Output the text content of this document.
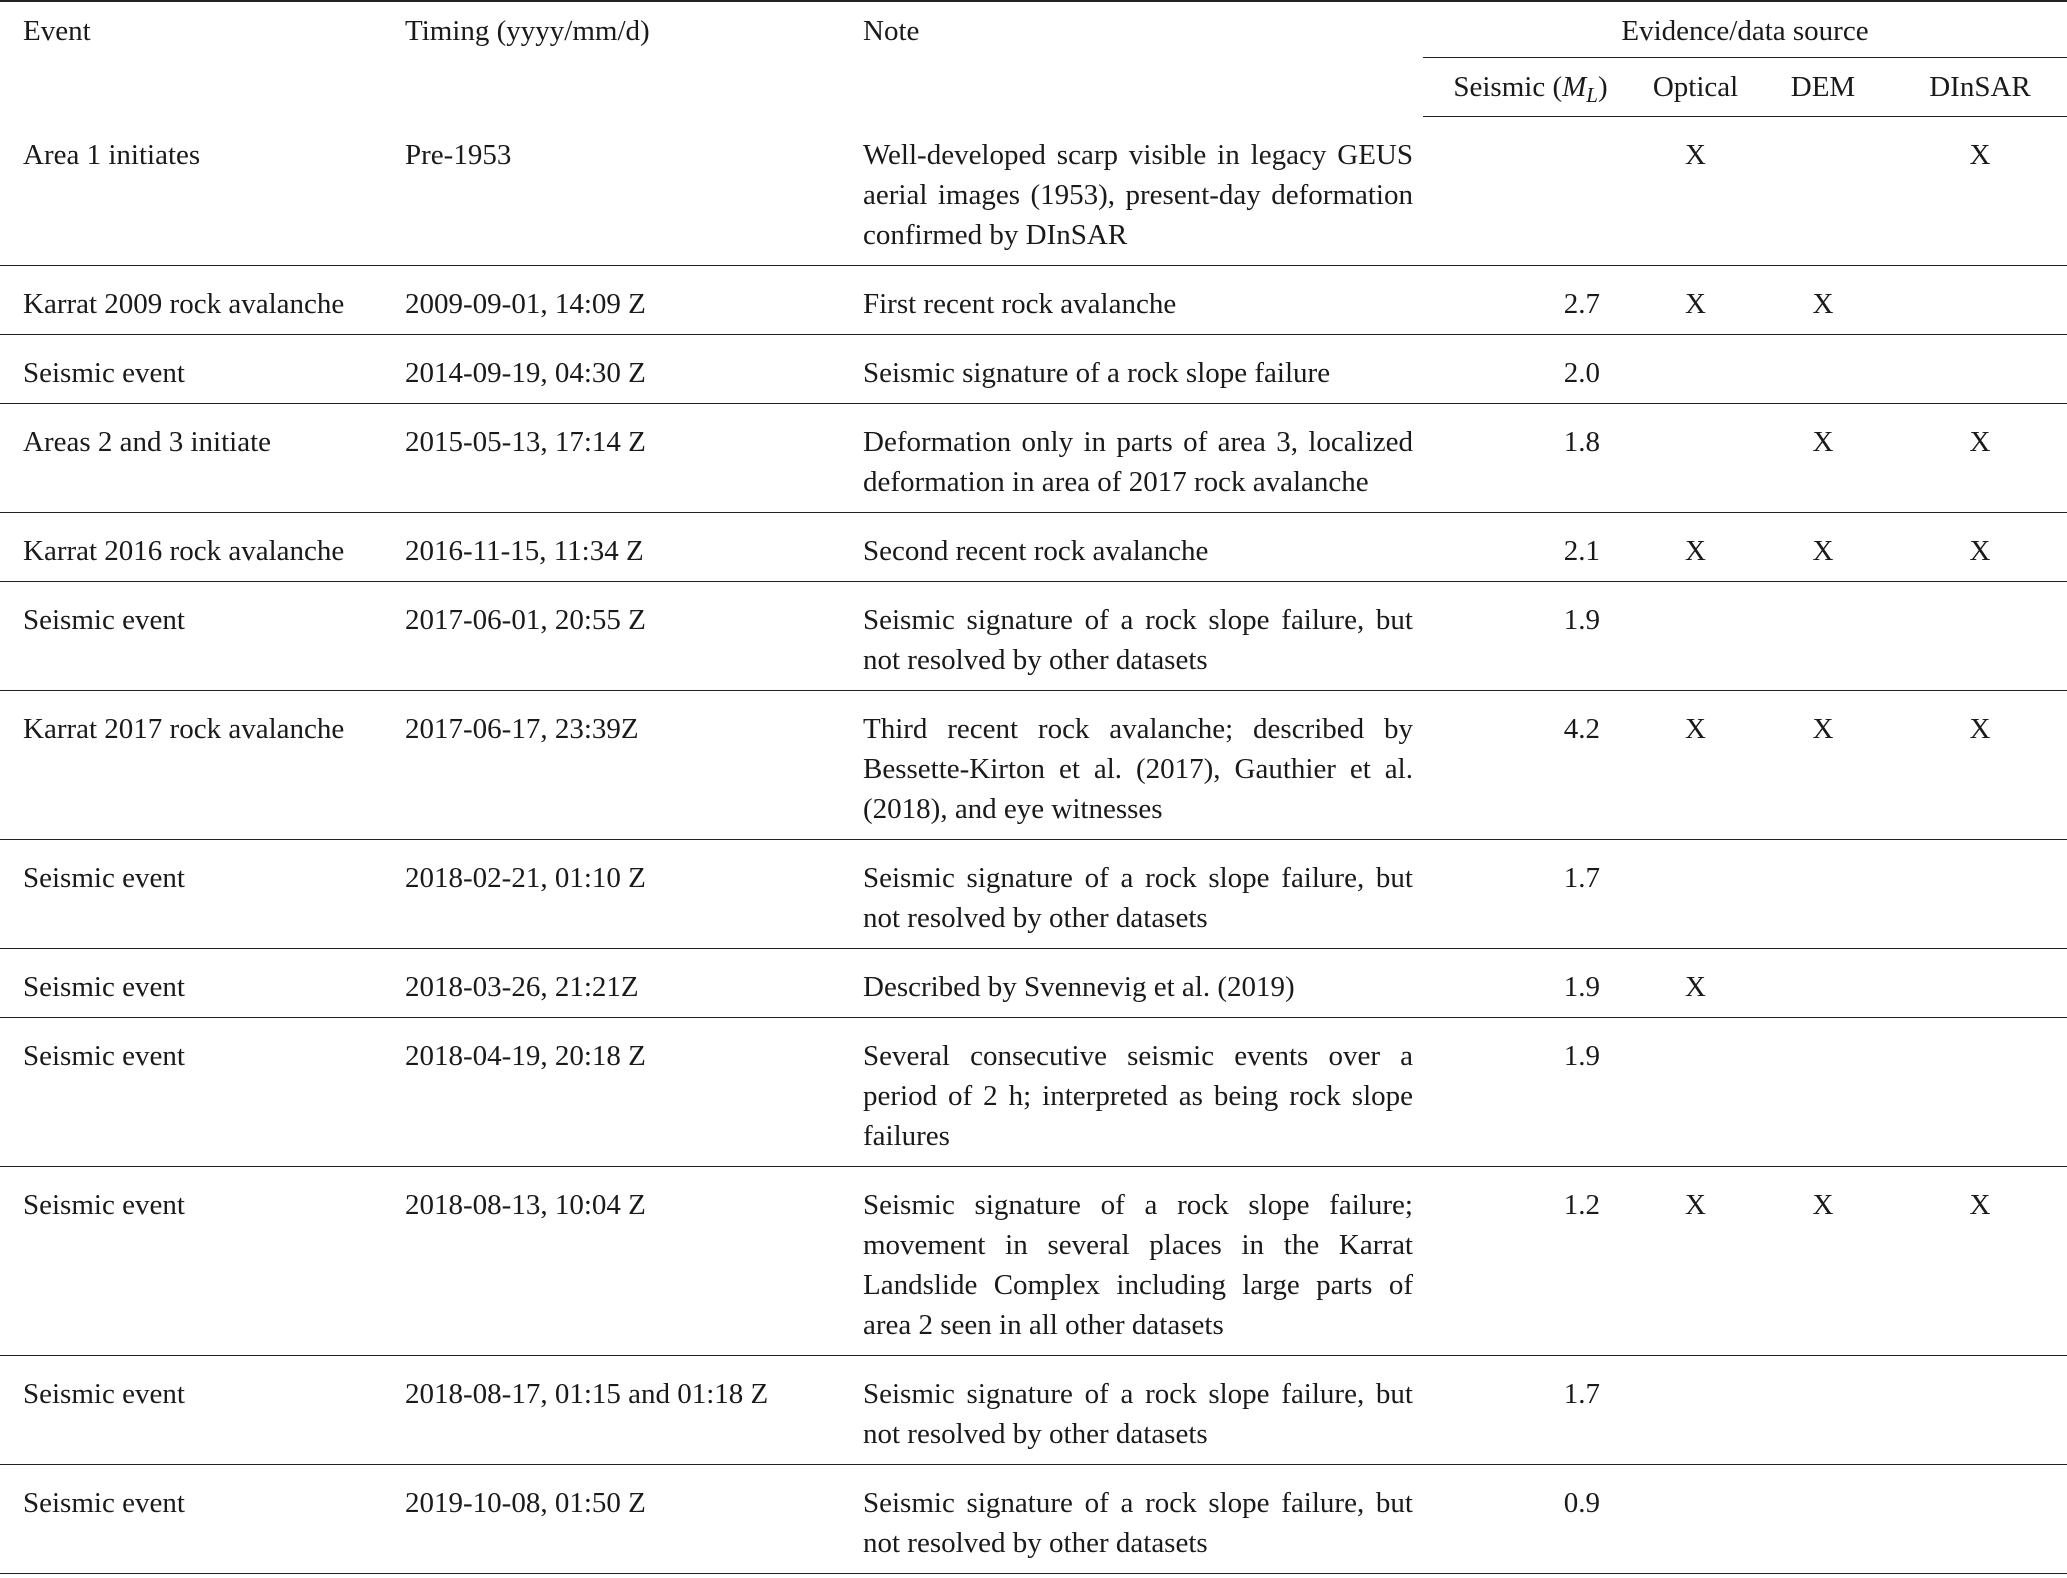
Event	Timing (yyyy/mm/d)	Note	Evidence/data source			
			Seismic $(M_L)$	Optical	DEM	DInSAR
Area 1 initiates	Pre-1953	Well-developed scarp visible in legacy GEUS aerial images (1953), present-day deformation confirmed by DInSAR		X		X
Karrat 2009 rock avalanche	2009-09-01, 14:09 Z	First recent rock avalanche	2.7	X	X	
Seismic event	2014-09-19, 04:30 Z	Seismic signature of a rock slope failure	2.0			
Areas 2 and 3 initiate	2015-05-13, 17:14 Z	Deformation only in parts of area 3, localized deformation in area of 2017 rock avalanche	1.8		X	X
Karrat 2016 rock avalanche	2016-11-15, 11:34 Z	Second recent rock avalanche	2.1	X	X	X
Seismic event	2017-06-01, 20:55 Z	Seismic signature of a rock slope failure, but not resolved by other datasets	1.9			
Karrat 2017 rock avalanche	2017-06-17, 23:39Z	Third recent rock avalanche; described by Bessette-Kirton et al. (2017), Gauthier et al. (2018), and eye witnesses	4.2	X	X	X
Seismic event	2018-02-21, 01:10 Z	Seismic signature of a rock slope failure, but not resolved by other datasets	1.7			
Seismic event	2018-03-26, 21:21Z	Described by Svennevig et al. (2019)	1.9	X		
Seismic event	2018-04-19, 20:18 Z	Several consecutive seismic events over a period of 2 h; interpreted as being rock slope failures	1.9			
Seismic event	2018-08-13, 10:04 Z	Seismic signature of a rock slope failure; movement in several places in the Karrat Landslide Complex including large parts of area 2 seen in all other datasets	1.2	X	X	X
Seismic event	2018-08-17, 01:15 and 01:18 Z	Seismic signature of a rock slope failure, but not resolved by other datasets	1.7			
Seismic event	2019-10-08, 01:50 Z	Seismic signature of a rock slope failure, but not resolved by other datasets	0.9			
